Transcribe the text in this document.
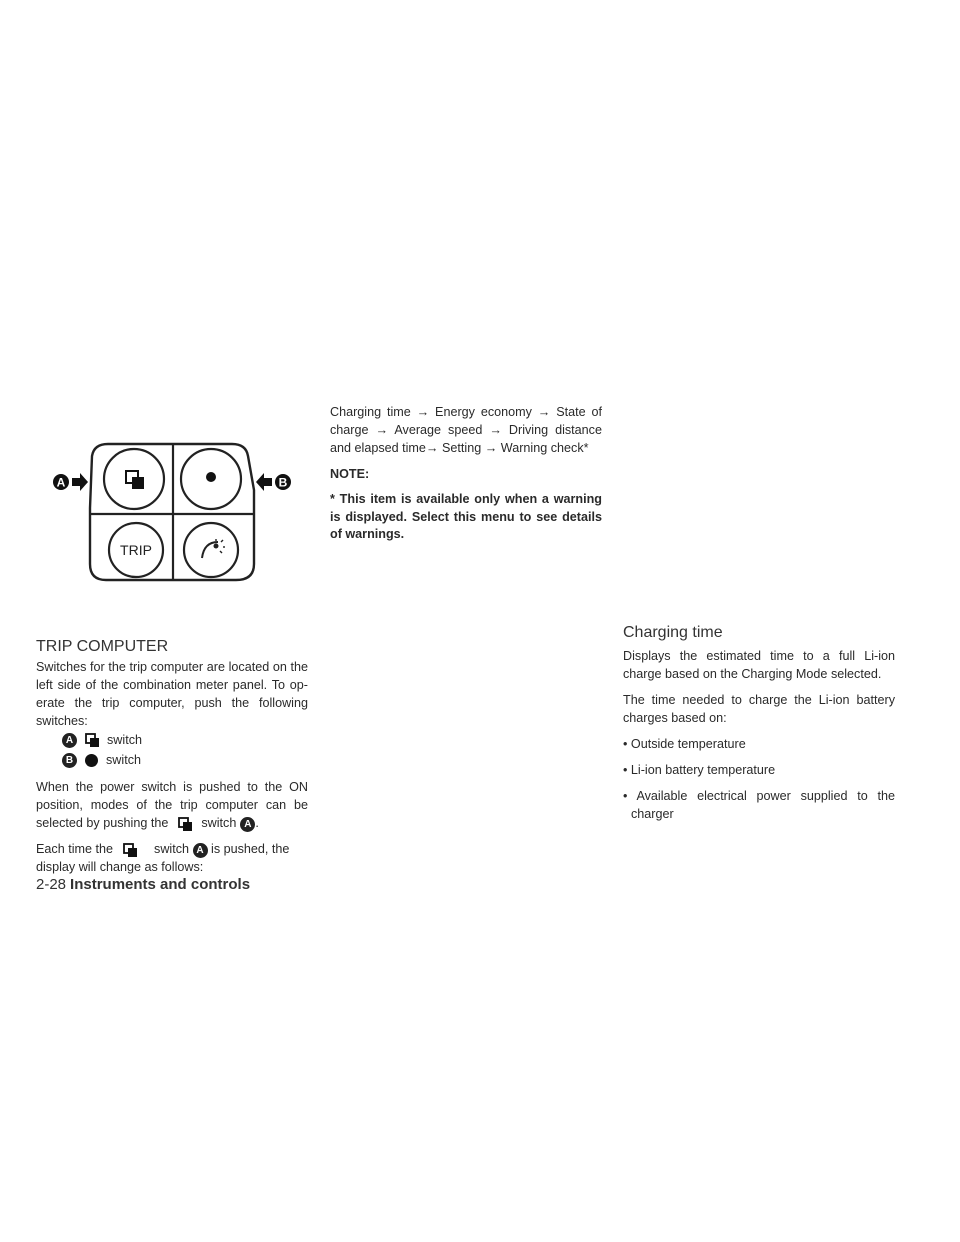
TRIP
A	B
TRIP COMPUTER

Switches for the trip computer are located on the left side of the combination meter panel. To op- erate the trip computer, push the following switches:

A	switch
B	switch

When the power switch is pushed to the ON position, modes of the trip computer can be selected by pushing the	switch A .

Each time the	switch A is pushed, the
display will change as follows:

Charging time → Energy economy → State of charge → Average speed → Driving distance and elapsed time→ Setting → Warning check*

NOTE:

* This item is available only when a warning is displayed. Select this menu to see details of warnings.

Charging time

Displays the estimated time to a full Li-ion charge based on the Charging Mode selected.

The time needed to charge the Li-ion battery charges based on:

• Outside temperature

• Li-ion battery temperature

• Available electrical power supplied to the charger

2-28 Instruments and controls
